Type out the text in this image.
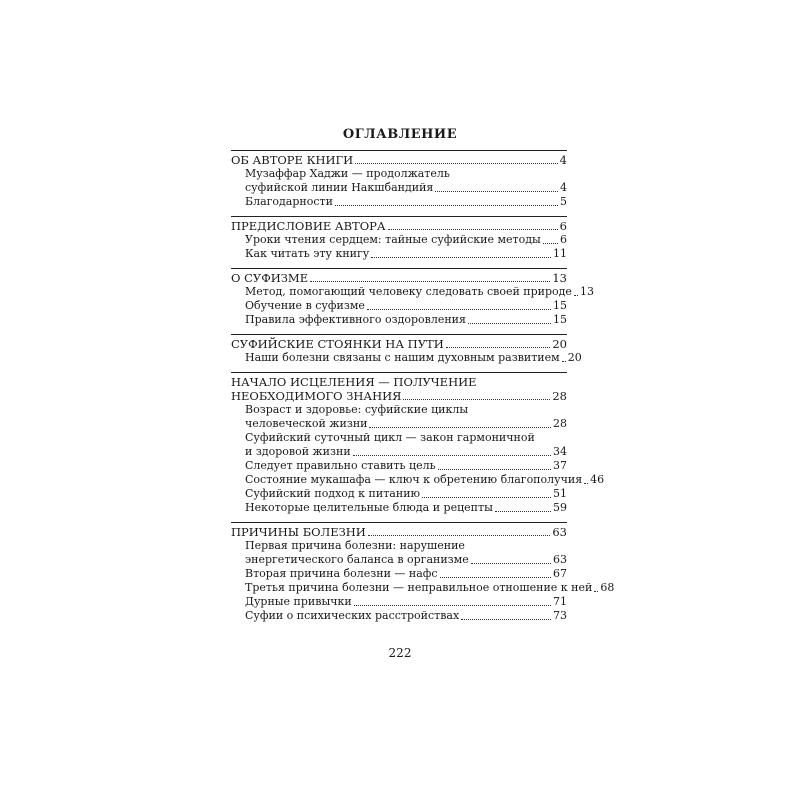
ОГЛАВЛЕНИЕ
ОБ АВТОРЕ КНИГИ	4
Музаффар Хаджи — продолжатель
суфийской линии Накшбандийя	4
Благодарности	5
ПРЕДИСЛОВИЕ АВТОРА	6
Уроки чтения сердцем: тайные суфийские методы 6
Как читать эту книгу	11
О СУФИЗМЕ	13
Метод, помогающий человеку следовать своей природе 13
Обучение в суфизме	15
Правила эффективного оздоровления	15
СУФИЙСКИЕ СТОЯНКИ НА ПУТИ	20
Наши болезни связаны с нашим духовным развитием 20
НАЧАЛО ИСЦЕЛЕНИЯ — ПОЛУЧЕНИЕ
НЕОБХОДИМОГО ЗНАНИЯ	28
Возраст и здоровье: суфийские циклы
человеческой жизни	28
Суфийский суточный цикл — закон гармоничной
и здоровой жизни	34
Следует правильно ставить цель	37
Состояние мукашафа — ключ к обретению благополучия 46
Суфийский подход к питанию	51
Некоторые целительные блюда и рецепты	59
ПРИЧИНЫ БОЛЕЗНИ	63
Первая причина болезни: нарушение
энергетического баланса в организме	63
Вторая причина болезни — нафс	67
Третья причина болезни — неправильное отношение к ней 68
Дурные привычки	71
Суфии о психических расстройствах	73
222
